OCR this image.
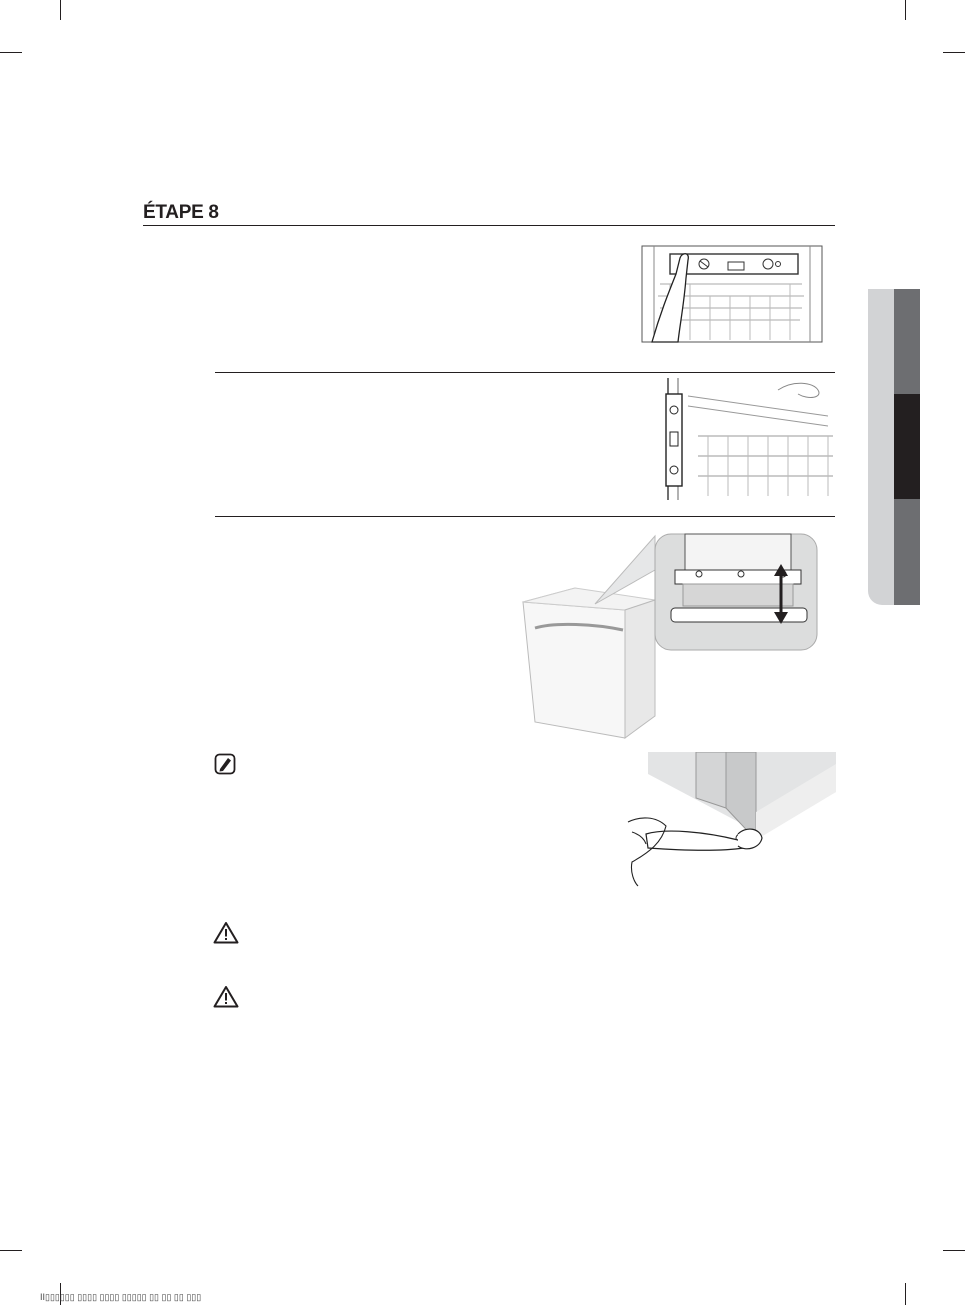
ÉTAPE 8
II▯▯▯▯▯▯ ▯▯▯▯ ▯▯▯▯ ▯▯▯▯▯ ▯▯ ▯▯ ▯▯ ▯▯▯
